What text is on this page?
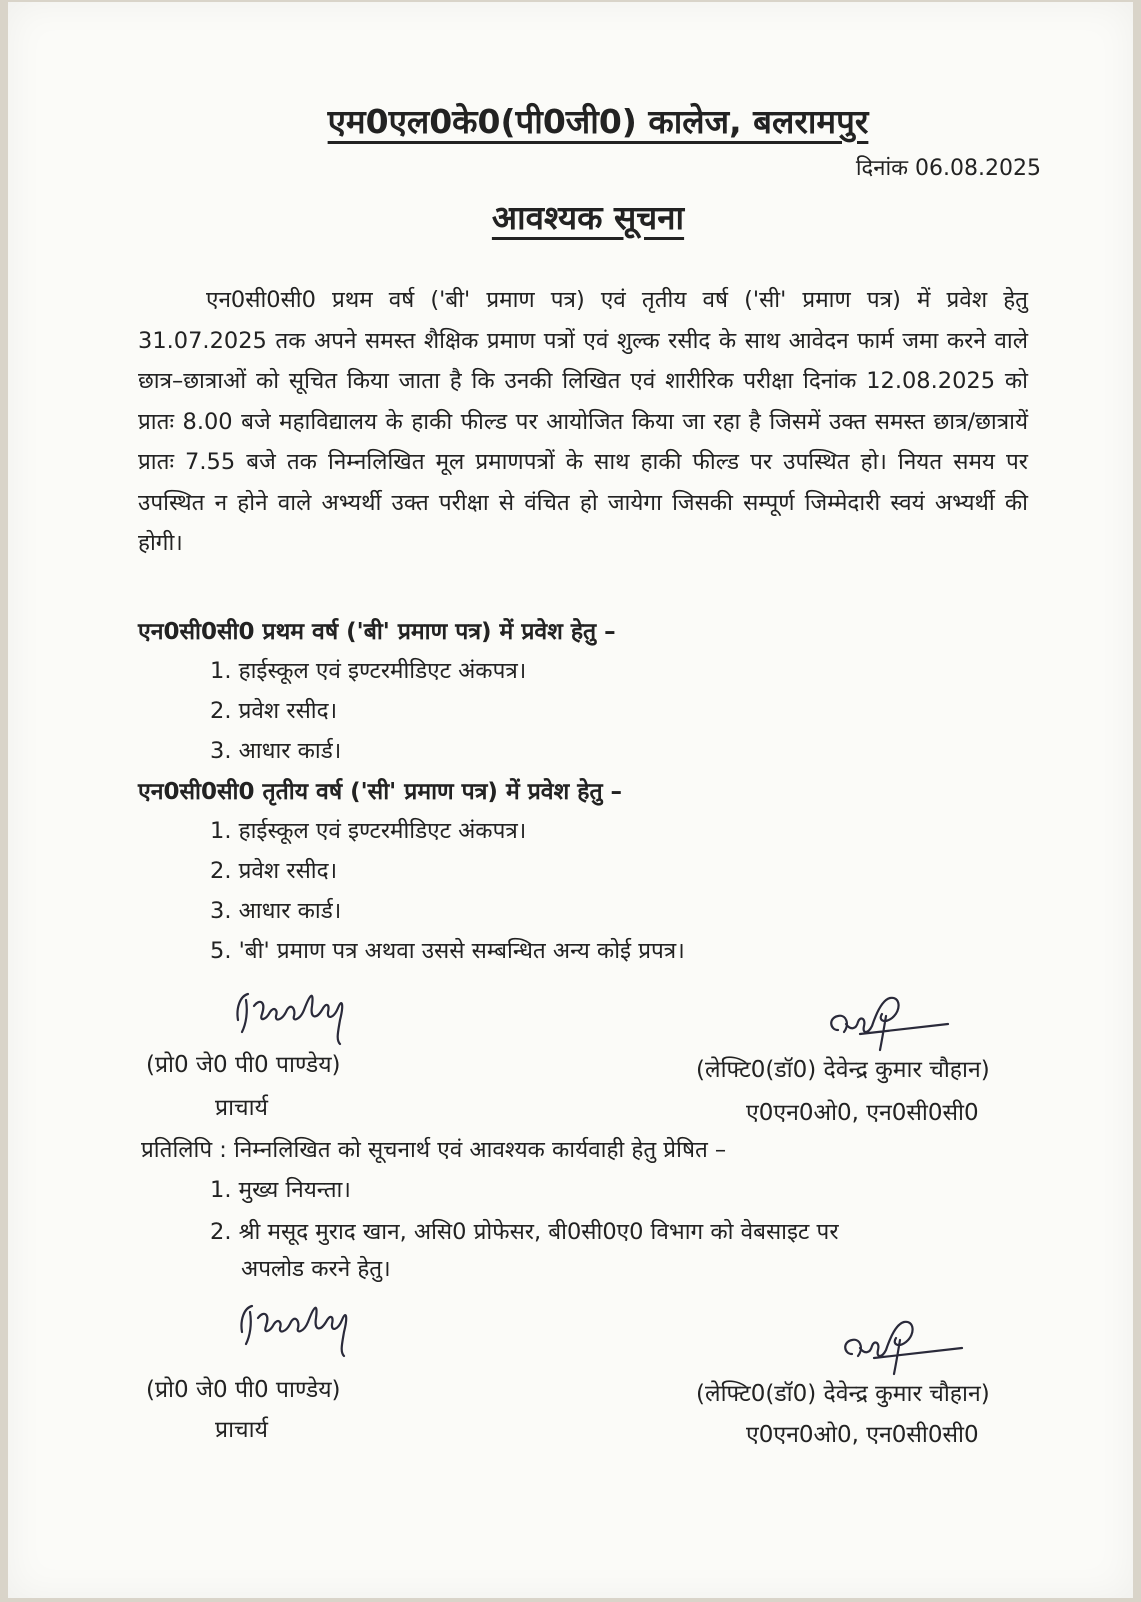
एम0एल0के0(पी0जी0) कालेज, बलरामपुर
दिनांक 06.08.2025
आवश्यक सूचना
एन0सी0सी0 प्रथम वर्ष ('बी' प्रमाण पत्र) एवं तृतीय वर्ष ('सी' प्रमाण पत्र) में प्रवेश हेतु 31.07.2025 तक अपने समस्त शैक्षिक प्रमाण पत्रों एवं शुल्क रसीद के साथ आवेदन फार्म जमा करने वाले छात्र–छात्राओं को सूचित किया जाता है कि उनकी लिखित एवं शारीरिक परीक्षा दिनांक 12.08.2025 को प्रातः 8.00 बजे महाविद्यालय के हाकी फील्ड पर आयोजित किया जा रहा है जिसमें उक्त समस्त छात्र/छात्रायें प्रातः 7.55 बजे तक निम्नलिखित मूल प्रमाणपत्रों के साथ हाकी फील्ड पर उपस्थित हो। नियत समय पर उपस्थित न होने वाले अभ्यर्थी उक्त परीक्षा से वंचित हो जायेगा जिसकी सम्पूर्ण जिम्मेदारी स्वयं अभ्यर्थी की होगी।
एन0सी0सी0 प्रथम वर्ष ('बी' प्रमाण पत्र) में प्रवेश हेतु –
1. हाईस्कूल एवं इण्टरमीडिएट अंकपत्र।
2. प्रवेश रसीद।
3. आधार कार्ड।
एन0सी0सी0 तृतीय वर्ष ('सी' प्रमाण पत्र) में प्रवेश हेतु –
1. हाईस्कूल एवं इण्टरमीडिएट अंकपत्र।
2. प्रवेश रसीद।
3. आधार कार्ड।
5. 'बी' प्रमाण पत्र अथवा उससे सम्बन्धित अन्य कोई प्रपत्र।
(प्रो0 जे0 पी0 पाण्डेय)
प्राचार्य
(लेफ्टि0(डॉ0) देवेन्द्र कुमार चौहान)
ए0एन0ओ0, एन0सी0सी0
प्रतिलिपि : निम्नलिखित को सूचनार्थ एवं आवश्यक कार्यवाही हेतु प्रेषित –
1. मुख्य नियन्ता।
2. श्री मसूद मुराद खान, असि0 प्रोफेसर, बी0सी0ए0 विभाग को वेबसाइट पर
अपलोड करने हेतु।
(प्रो0 जे0 पी0 पाण्डेय)
प्राचार्य
(लेफ्टि0(डॉ0) देवेन्द्र कुमार चौहान)
ए0एन0ओ0, एन0सी0सी0
